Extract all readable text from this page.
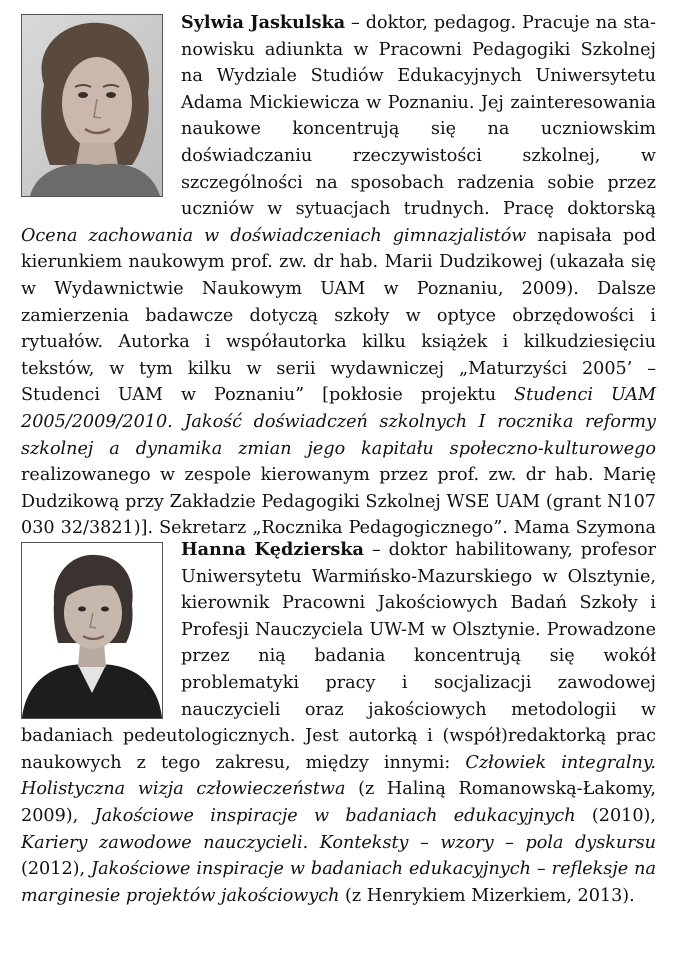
Sylwia Jaskulska – doktor, pedagog. Pracuje na stanowisku adiunkta w Pracowni Pedagogiki Szkolnej na Wydziale Studiów Edukacyjnych Uniwersytetu Adama Mickiewicza w Poznaniu. Jej zainteresowania naukowe koncentrują się na uczniowskim doświadczaniu rzeczywistości szkolnej, w szczególności na sposobach radzenia sobie przez uczniów w sytuacjach trudnych. Pracę doktorską Ocena zachowania w doświadczeniach gimnazjalistów napisała pod kierunkiem naukowym prof. zw. dr hab. Marii Dudzikowej (ukazała się w Wydawnictwie Naukowym UAM w Poznaniu, 2009). Dalsze zamierzenia badawcze dotyczą szkoły w optyce obrzędowości i rytuałów. Autorka i współautorka kilku książek i kilkudziesięciu tekstów, w tym kilku w serii wydawniczej „Maturzyści 2005’ – Studenci UAM w Poznaniu” [pokłosie projektu Studenci UAM 2005/2009/2010. Jakość doświadczeń szkolnych I rocznika reformy szkolnej a dynamika zmian jego kapitału społeczno-kulturowego realizowanego w zespole kierowanym przez prof. zw. dr hab. Marię Dudzikową przy Zakładzie Pedagogiki Szkolnej WSE UAM (grant N107 030 32/3821)]. Sekretarz „Rocznika Pedagogicznego”. Mama Szymona
Hanna Kędzierska – doktor habilitowany, profesor Uniwersytetu Warmińsko-Mazurskiego w Olsztynie, kierownik Pracowni Jakościowych Badań Szkoły i Profesji Nauczyciela UW-M w Olsztynie. Prowadzone przez nią badania koncentrują się wokół problematyki pracy i socjalizacji zawodowej nauczycieli oraz jakościowych metodologii w badaniach pedeutologicznych. Jest autorką i (współ)redaktorką prac naukowych z tego zakresu, między innymi: Człowiek integralny. Holistyczna wizja człowieczeństwa (z Haliną Romanowską-Łakomy, 2009), Jakościowe inspiracje w badaniach edukacyjnych (2010), Kariery zawodowe nauczycieli. Konteksty – wzory – pola dyskursu (2012), Jakościowe inspiracje w badaniach edukacyjnych – refleksje na marginesie projektów jakościowych (z Henrykiem Mizerkiem, 2013).
